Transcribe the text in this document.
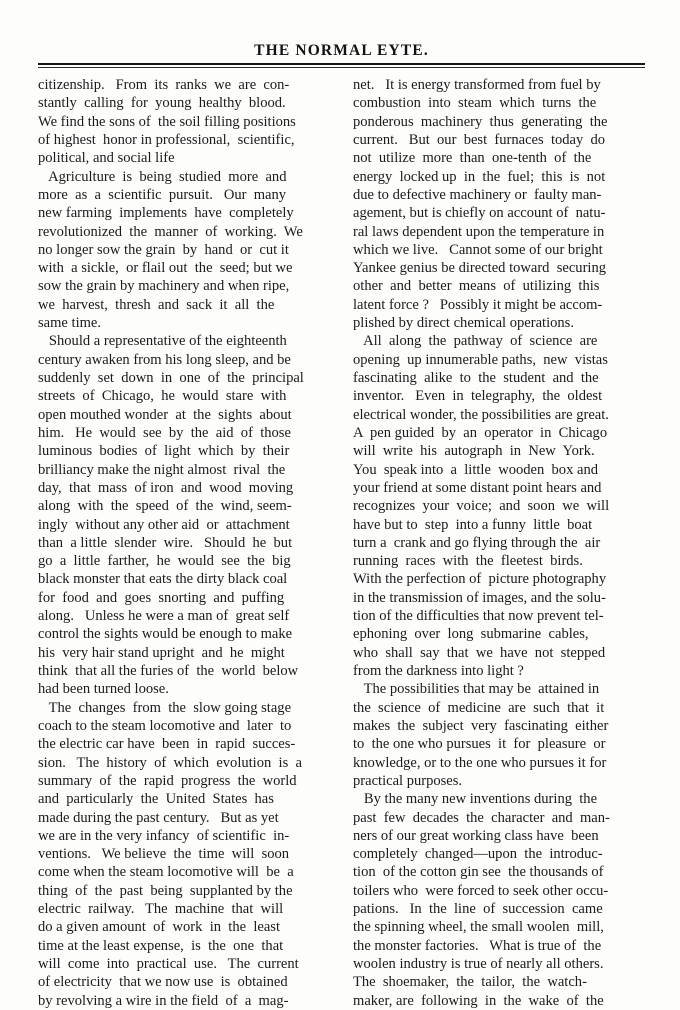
THE NORMAL EYTE.

citizenship.   From  its  ranks  we  are  con-
stantly  calling  for  young  healthy  blood.
We find the sons of  the soil filling positions
of highest  honor in professional,  scientific,
political, and social life

Agriculture  is  being  studied  more  and
more  as  a  scientific  pursuit.   Our  many
new farming  implements  have  completely
revolutionized  the  manner  of  working.  We
no longer sow the grain  by  hand  or  cut it
with  a sickle,  or flail out  the  seed; but we
sow the grain by machinery and when ripe,
we  harvest,  thresh  and  sack  it  all  the
same time.

Should a representative of the eighteenth
century awaken from his long sleep, and be
suddenly  set  down  in  one  of  the  principal
streets  of  Chicago,  he  would  stare  with
open mouthed wonder  at  the  sights  about
him.   He  would  see  by  the  aid  of  those
luminous  bodies  of  light  which  by  their
brilliancy make the night almost  rival  the
day,  that  mass  of iron  and  wood  moving
along  with  the  speed  of  the  wind, seem-
ingly  without any other aid  or  attachment
than  a little  slender  wire.   Should  he  but
go  a  little  farther,  he  would  see  the  big
black monster that eats the dirty black coal
for  food  and  goes  snorting  and  puffing
along.   Unless he were a man of  great self
control the sights would be enough to make
his  very hair stand upright  and  he  might
think  that all the furies of  the  world  below
had been turned loose.

The  changes  from  the  slow going stage
coach to the steam locomotive and  later  to
the electric car have  been  in  rapid  succes-
sion.   The  history  of  which  evolution  is  a
summary  of  the  rapid  progress  the  world
and  particularly  the  United  States  has
made during the past century.   But as yet
we are in the very infancy  of scientific  in-
ventions.   We believe  the  time  will  soon
come when the steam locomotive will  be  a
thing  of  the  past  being  supplanted by the
electric  railway.   The  machine  that  will
do a given amount  of  work  in  the  least
time at the least expense,  is  the  one  that
will  come  into  practical  use.   The  current
of electricity  that we now use  is  obtained
by revolving a wire in the field  of  a  mag-

net.   It is energy transformed from fuel by
combustion  into  steam  which  turns  the
ponderous  machinery  thus  generating  the
current.   But  our  best  furnaces  today  do
not  utilize  more  than  one-tenth  of  the
energy  locked up  in  the  fuel;  this  is  not
due to defective machinery or  faulty man-
agement, but is chiefly on account of  natu-
ral laws dependent upon the temperature in
which we live.   Cannot some of our bright
Yankee genius be directed toward  securing
other  and  better  means  of  utilizing  this
latent force ?   Possibly it might be accom-
plished by direct chemical operations.

All  along  the  pathway  of  science  are
opening  up innumerable paths,  new  vistas
fascinating  alike  to  the  student  and  the
inventor.   Even  in  telegraphy,  the  oldest
electrical wonder, the possibilities are great.
A  pen guided  by  an  operator  in  Chicago
will  write  his  autograph  in  New  York.
You  speak into  a  little  wooden  box and
your friend at some distant point hears and
recognizes  your  voice;  and  soon  we  will
have but to  step  into a funny  little  boat
turn a  crank and go flying through the  air
running  races  with  the  fleetest  birds.
With the perfection of  picture photography
in the transmission of images, and the solu-
tion of the difficulties that now prevent tel-
ephoning  over  long  submarine  cables,
who  shall  say  that  we  have  not  stepped
from the darkness into light ?

The possibilities that may be  attained in
the  science  of  medicine  are  such  that  it
makes  the  subject  very  fascinating  either
to  the one who pursues  it  for  pleasure  or
knowledge, or to the one who pursues it for
practical purposes.

By the many new inventions during  the
past  few  decades  the  character  and  man-
ners of our great working class have  been
completely  changed—upon  the  introduc-
tion  of the cotton gin see  the thousands of
toilers who  were forced to seek other occu-
pations.   In  the  line  of  succession  came
the spinning wheel, the small woolen  mill,
the monster factories.   What is true of  the
woolen industry is true of nearly all others.
The  shoemaker,  the  tailor,  the  watch-
maker, are  following  in  the  wake  of  the
